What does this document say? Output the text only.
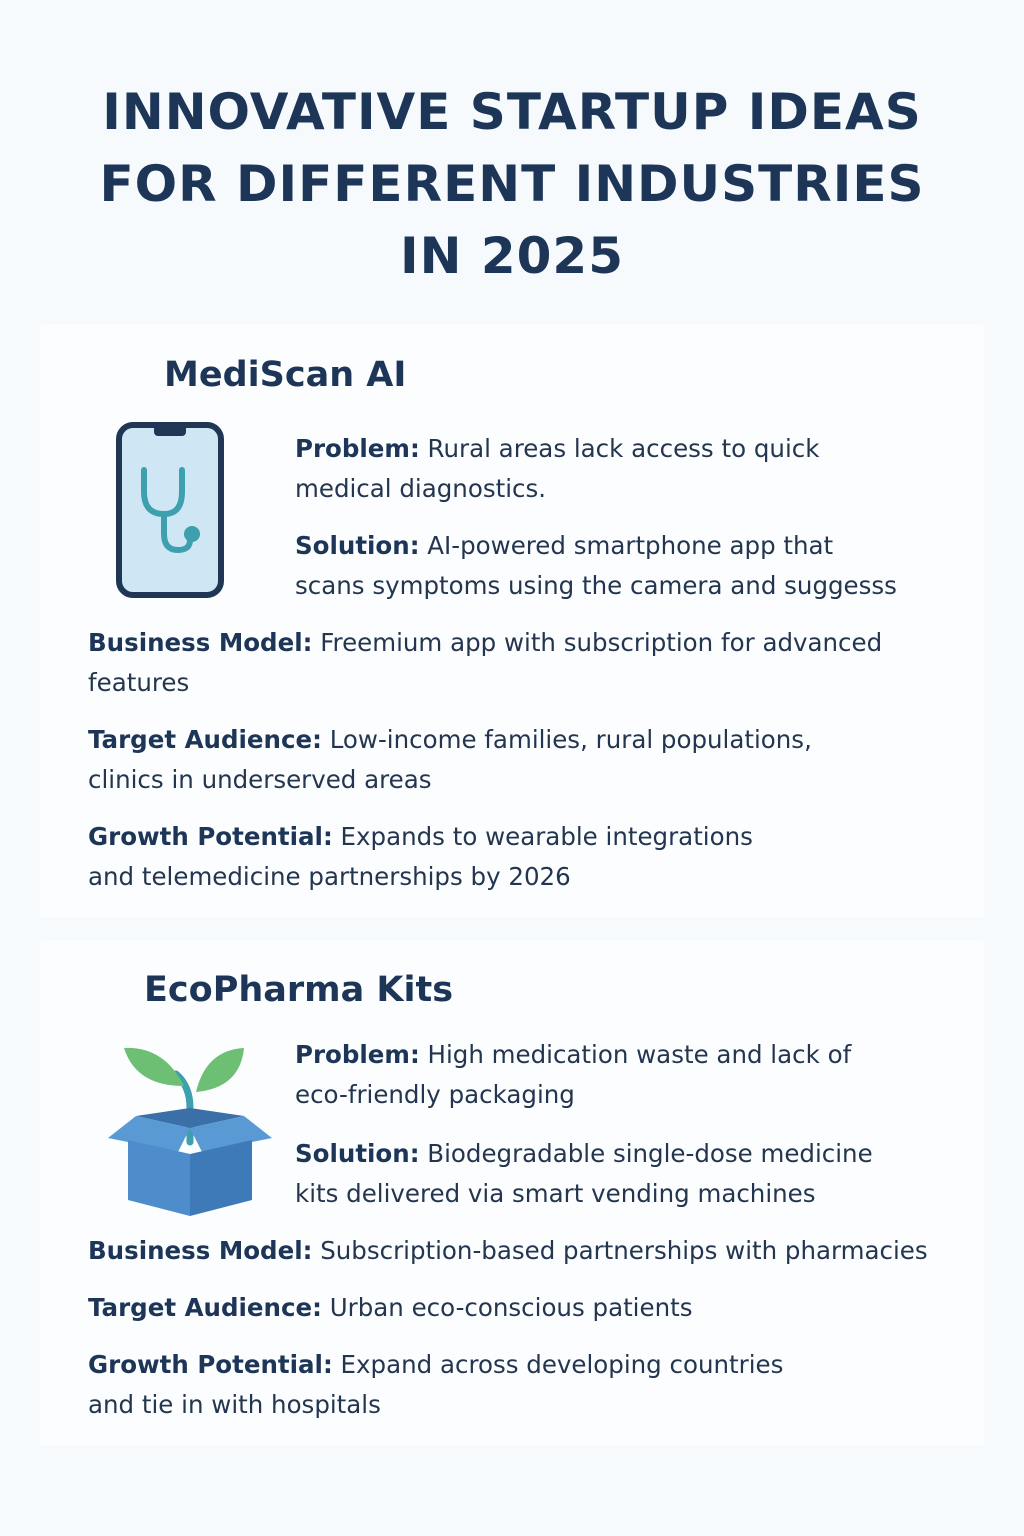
INNOVATIVE STARTUP IDEAS
FOR DIFFERENT INDUSTRIES
IN 2025
MediScan AI

Problem: Rural areas lack access to quick
medical diagnostics.

Solution: AI-powered smartphone app that
scans symptoms using the camera and suggesss

Business Model: Freemium app with subscription for advanced
features

Target Audience: Low-income families, rural populations,
clinics in underserved areas

Growth Potential: Expands to wearable integrations
and telemedicine partnerships by 2026

EcoPharma Kits

Problem: High medication waste and lack of
eco-friendly packaging

Solution: Biodegradable single-dose medicine
kits delivered via smart vending machines

Business Model: Subscription-based partnerships with pharmacies

Target Audience: Urban eco-conscious patients

Growth Potential: Expand across developing countries
and tie in with hospitals
